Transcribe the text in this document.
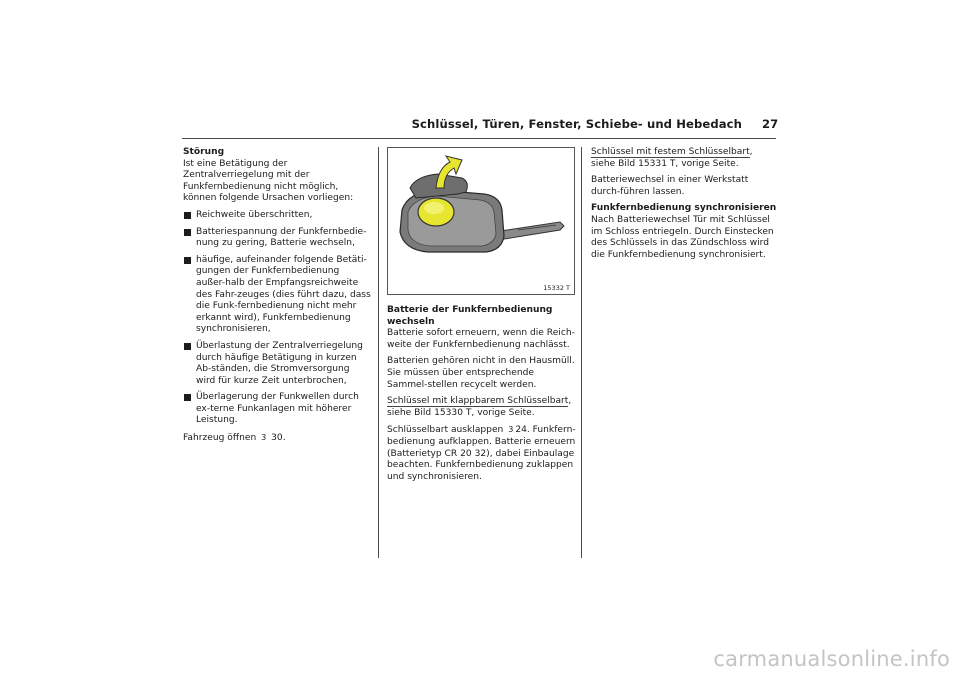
Schlüssel, Türen, Fenster, Schiebe- und Hebedach 27
Störung

Ist eine Betätigung der Zentralverriegelung mit der Funkfernbedienung nicht möglich, können folgende Ursachen vorliegen:

Reichweite überschritten,
Batteriespannung der Funkfernbedie-nung zu gering, Batterie wechseln,
häufige, aufeinander folgende Betäti-gungen der Funkfernbedienung außer-halb der Empfangsreichweite des Fahr-zeuges (dies führt dazu, dass die Funk-fernbedienung nicht mehr erkannt wird), Funkfernbedienung synchronisieren,
Überlastung der Zentralverriegelung durch häufige Betätigung in kurzen Ab-ständen, die Stromversorgung wird für kurze Zeit unterbrochen,
Überlagerung der Funkwellen durch ex-terne Funkanlagen mit höherer Leistung.

Fahrzeug öffnen 3 30.

15332 T
Batterie der Funkfernbedienung wechseln

Batterie sofort erneuern, wenn die Reich-weite der Funkfernbedienung nachlässt.

Batterien gehören nicht in den Hausmüll. Sie müssen über entsprechende Sammel-stellen recycelt werden.

Schlüssel mit klappbarem Schlüsselbart, siehe Bild 15330 T, vorige Seite.

Schlüsselbart ausklappen 3 24. Funkfern-bedienung aufklappen. Batterie erneuern (Batterietyp CR 20 32), dabei Einbaulage beachten. Funkfernbedienung zuklappen und synchronisieren.

Schlüssel mit festem Schlüsselbart, siehe Bild 15331 T, vorige Seite.

Batteriewechsel in einer Werkstatt durch-führen lassen.

Funkfernbedienung synchronisieren

Nach Batteriewechsel Tür mit Schlüssel im Schloss entriegeln. Durch Einstecken des Schlüssels in das Zündschloss wird die Funkfernbedienung synchronisiert.

carmanualsonline.info
